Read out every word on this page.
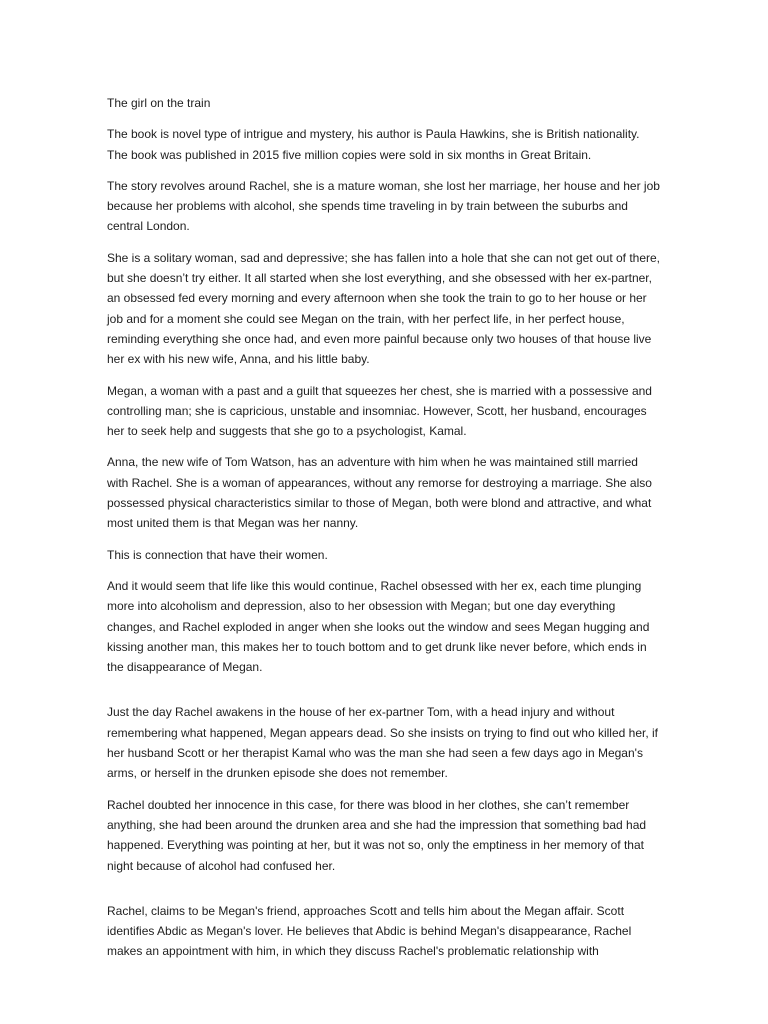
The girl on the train

The book is novel type of intrigue and mystery, his author is Paula Hawkins, she is British nationality. The book was published in 2015 five million copies were sold in six months in Great Britain.

The story revolves around Rachel, she is a mature woman, she lost her marriage, her house and her job because her problems with alcohol, she spends time traveling in by train between the suburbs and central London.

She is a solitary woman, sad and depressive; she has fallen into a hole that she can not get out of there, but she doesn’t try either. It all started when she lost everything, and she obsessed with her ex-partner, an obsessed fed every morning and every afternoon when she took the train to go to her house or her job and for a moment she could see Megan on the train, with her perfect life, in her perfect house, reminding everything she once had, and even more painful because only two houses of that house live her ex with his new wife, Anna, and his little baby.

Megan, a woman with a past and a guilt that squeezes her chest, she is married with a possessive and controlling man; she is capricious, unstable and insomniac. However, Scott, her husband, encourages her to seek help and suggests that she go to a psychologist, Kamal.

Anna, the new wife of Tom Watson, has an adventure with him when he was maintained still married with Rachel. She is a woman of appearances, without any remorse for destroying a marriage. She also possessed physical characteristics similar to those of Megan, both were blond and attractive, and what most united them is that Megan was her nanny.

This is connection that have their women.

And it would seem that life like this would continue, Rachel obsessed with her ex, each time plunging more into alcoholism and depression, also to her obsession with Megan; but one day everything changes, and Rachel exploded in anger when she looks out the window and sees Megan hugging and kissing another man, this makes her to touch bottom and to get drunk like never before, which ends in the disappearance of Megan.

Just the day Rachel awakens in the house of her ex-partner Tom, with a head injury and without remembering what happened, Megan appears dead. So she insists on trying to find out who killed her, if her husband Scott or her therapist Kamal who was the man she had seen a few days ago in Megan's arms, or herself in the drunken episode she does not remember.

Rachel doubted her innocence in this case, for there was blood in her clothes, she can’t remember anything, she had been around the drunken area and she had the impression that something bad had happened. Everything was pointing at her, but it was not so, only the emptiness in her memory of that night because of alcohol had confused her.

Rachel, claims to be Megan's friend, approaches Scott and tells him about the Megan affair. Scott identifies Abdic as Megan's lover. He believes that Abdic is behind Megan's disappearance, Rachel makes an appointment with him, in which they discuss Rachel's problematic relationship with
